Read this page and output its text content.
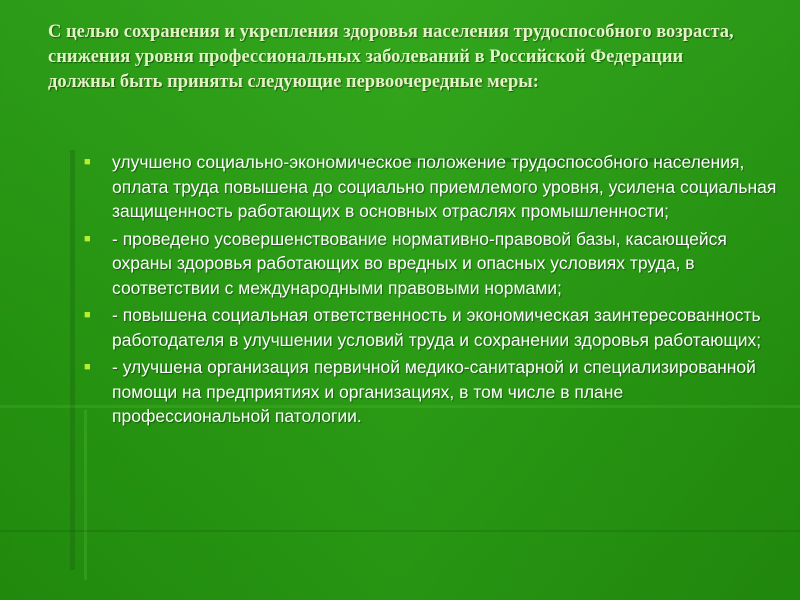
С целью сохранения и укрепления здоровья населения трудоспособного возраста, снижения уровня профессиональных заболеваний в Российской Федерации должны быть приняты следующие первоочередные меры:
■ улучшено социально-экономическое положение трудоспособного населения, оплата труда повышена до социально приемлемого уровня, усилена социальная защищенность работающих в основных отраслях промышленности;
■ - проведено усовершенствование нормативно-правовой базы, касающейся охраны здоровья работающих во вредных и опасных условиях труда, в соответствии с международными правовыми нормами;
■ - повышена социальная ответственность и экономическая заинтересованность работодателя в улучшении условий труда и сохранении здоровья работающих;
■ - улучшена организация первичной медико-санитарной и специализированной помощи на предприятиях и организациях, в том числе в плане профессиональной патологии.
